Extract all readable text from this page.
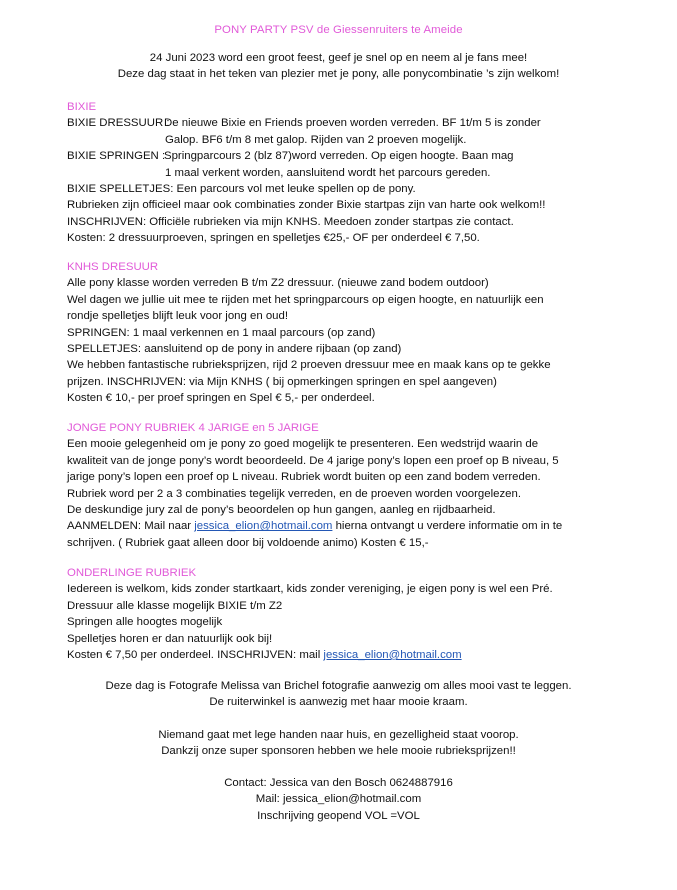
PONY PARTY PSV de Giessenruiters te Ameide
24 Juni 2023 word een groot feest, geef je snel op en neem al je fans mee!
Deze dag staat in het teken van plezier met je pony, alle ponycombinatie ’s zijn welkom!
BIXIE
BIXIE DRESSUUR :
De nieuwe Bixie en Friends proeven worden verreden. BF 1t/m 5 is zonder
Galop. BF6 t/m 8 met galop. Rijden van 2 proeven mogelijk.
BIXIE SPRINGEN :
Springparcours 2 (blz 87)word verreden. Op eigen hoogte. Baan mag
1 maal verkent worden, aansluitend wordt het parcours gereden.
BIXIE SPELLETJES: Een parcours vol met leuke spellen op de pony.
Rubrieken zijn officieel maar ook combinaties zonder Bixie startpas zijn van harte ook welkom!!
INSCHRIJVEN: Officiële rubrieken via mijn KNHS. Meedoen zonder startpas zie contact.
Kosten: 2 dressuurproeven, springen en spelletjes €25,- OF per onderdeel € 7,50.
KNHS DRESUUR
Alle pony klasse worden verreden B t/m Z2 dressuur. (nieuwe zand bodem outdoor)
Wel dagen we jullie uit mee te rijden met het springparcours op eigen hoogte, en natuurlijk een
rondje spelletjes blijft leuk voor jong en oud!
SPRINGEN: 1 maal verkennen en 1 maal parcours (op zand)
SPELLETJES: aansluitend op de pony in andere rijbaan (op zand)
We hebben fantastische rubrieksprijzen, rijd 2 proeven dressuur mee en maak kans op te gekke
prijzen. INSCHRIJVEN: via Mijn KNHS ( bij opmerkingen springen en spel aangeven)
Kosten € 10,- per proef springen en Spel € 5,- per onderdeel.
JONGE PONY RUBRIEK 4 JARIGE en 5 JARIGE
Een mooie gelegenheid om je pony zo goed mogelijk te presenteren. Een wedstrijd waarin de
kwaliteit van de jonge pony’s wordt beoordeeld. De 4 jarige pony’s lopen een proef op B niveau, 5
jarige pony’s lopen een proef op L niveau. Rubriek wordt buiten op een zand bodem verreden.
Rubriek word per 2 a 3 combinaties tegelijk verreden, en de proeven worden voorgelezen.
De deskundige jury zal de pony’s beoordelen op hun gangen, aanleg en rijdbaarheid.
AANMELDEN: Mail naar jessica_elion@hotmail.com hierna ontvangt u verdere informatie om in te
schrijven. ( Rubriek gaat alleen door bij voldoende animo) Kosten € 15,-
ONDERLINGE RUBRIEK
Iedereen is welkom, kids zonder startkaart, kids zonder vereniging, je eigen pony is wel een Pré.
Dressuur alle klasse mogelijk BIXIE t/m Z2
Springen alle hoogtes mogelijk
Spelletjes horen er dan natuurlijk ook bij!
Kosten € 7,50 per onderdeel. INSCHRIJVEN: mail jessica_elion@hotmail.com
Deze dag is Fotografe Melissa van Brichel fotografie aanwezig om alles mooi vast te leggen.
De ruiterwinkel is aanwezig met haar mooie kraam.
Niemand gaat met lege handen naar huis, en gezelligheid staat voorop.
Dankzij onze super sponsoren hebben we hele mooie rubrieksprijzen!!
Contact: Jessica van den Bosch 0624887916
Mail: jessica_elion@hotmail.com
Inschrijving geopend VOL =VOL
